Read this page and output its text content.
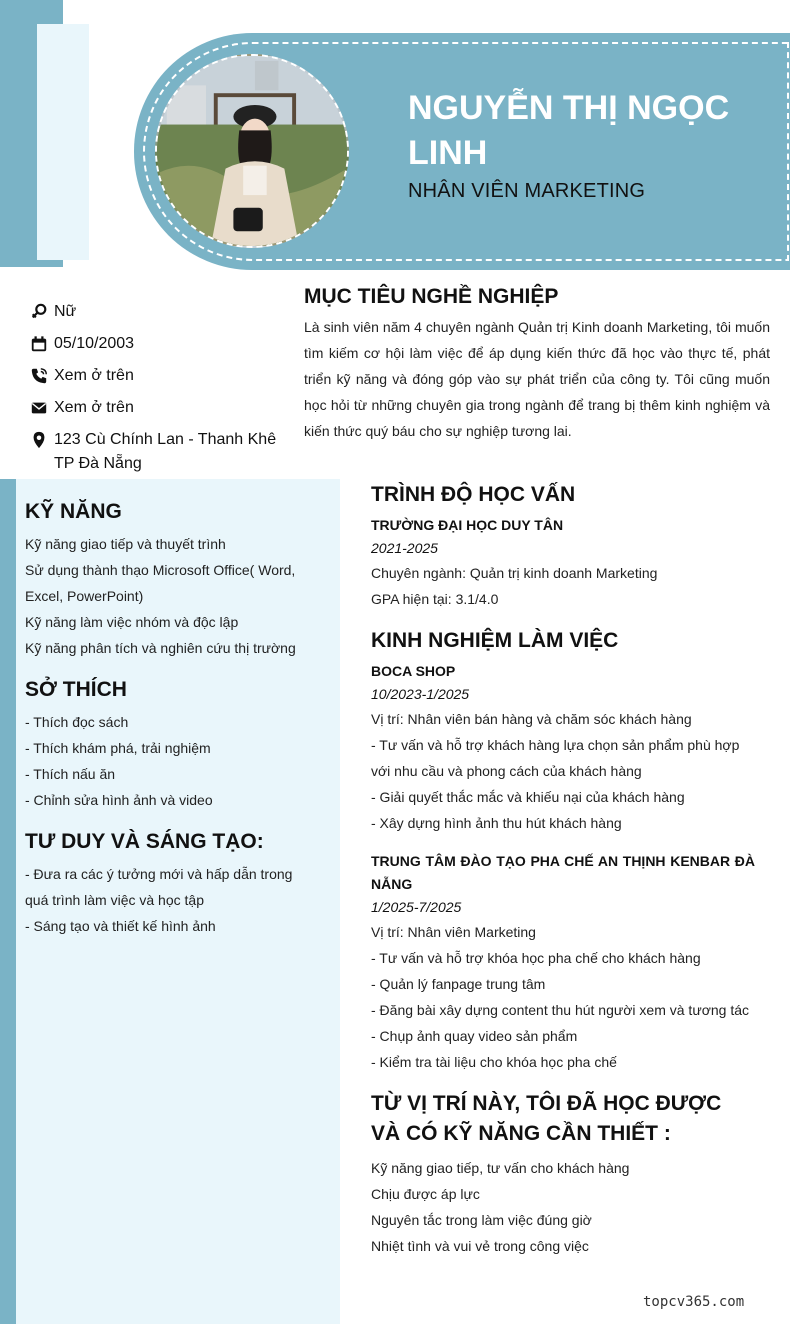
NGUYỄN THỊ NGỌC LINH
NHÂN VIÊN MARKETING
Nữ
05/10/2003
Xem ở trên
Xem ở trên
123 Cù Chính Lan - Thanh Khê TP Đà Nẵng
MỤC TIÊU NGHỀ NGHIỆP
Là sinh viên năm 4 chuyên ngành Quản trị Kinh doanh Marketing, tôi muốn tìm kiếm cơ hội làm việc để áp dụng kiến thức đã học vào thực tế, phát triển kỹ năng và đóng góp vào sự phát triển của công ty. Tôi cũng muốn học hỏi từ những chuyên gia trong ngành để trang bị thêm kinh nghiệm và kiến thức quý báu cho sự nghiệp tương lai.
KỸ NĂNG
Kỹ năng giao tiếp và thuyết trình
Sử dụng thành thạo Microsoft Office( Word, Excel, PowerPoint)
Kỹ năng làm việc nhóm và độc lập
Kỹ năng phân tích và nghiên cứu thị trường
SỞ THÍCH
- Thích đọc sách
- Thích khám phá, trải nghiệm
- Thích nấu ăn
- Chỉnh sửa hình ảnh và video
TƯ DUY VÀ SÁNG TẠO:
- Đưa ra các ý tưởng mới và hấp dẫn trong quá trình làm việc và học tập
- Sáng tạo và thiết kế hình ảnh
TRÌNH ĐỘ HỌC VẤN
TRƯỜNG ĐẠI HỌC DUY TÂN
2021-2025
Chuyên ngành: Quản trị kinh doanh Marketing
GPA hiện tại: 3.1/4.0
KINH NGHIỆM LÀM VIỆC
BOCA SHOP
10/2023-1/2025
Vị trí: Nhân viên bán hàng và chăm sóc khách hàng
- Tư vấn và hỗ trợ khách hàng lựa chọn sản phẩm phù hợp với nhu cầu và phong cách của khách hàng
- Giải quyết thắc mắc và khiếu nại của khách hàng
- Xây dựng hình ảnh thu hút khách hàng
TRUNG TÂM ĐÀO TẠO PHA CHẾ AN THỊNH KENBAR ĐÀ NẴNG
1/2025-7/2025
Vị trí: Nhân viên Marketing
- Tư vấn và hỗ trợ khóa học pha chế cho khách hàng
- Quản lý fanpage trung tâm
- Đăng bài xây dựng content thu hút người xem và tương tác
- Chụp ảnh quay video sản phẩm
- Kiểm tra tài liệu cho khóa học pha chế
TỪ VỊ TRÍ NÀY, TÔI ĐÃ HỌC ĐƯỢC VÀ CÓ KỸ NĂNG CẦN THIẾT :
Kỹ năng giao tiếp, tư vấn cho khách hàng
Chịu được áp lực
Nguyên tắc trong làm việc đúng giờ
Nhiệt tình và vui vẻ trong công việc
topcv365.com
